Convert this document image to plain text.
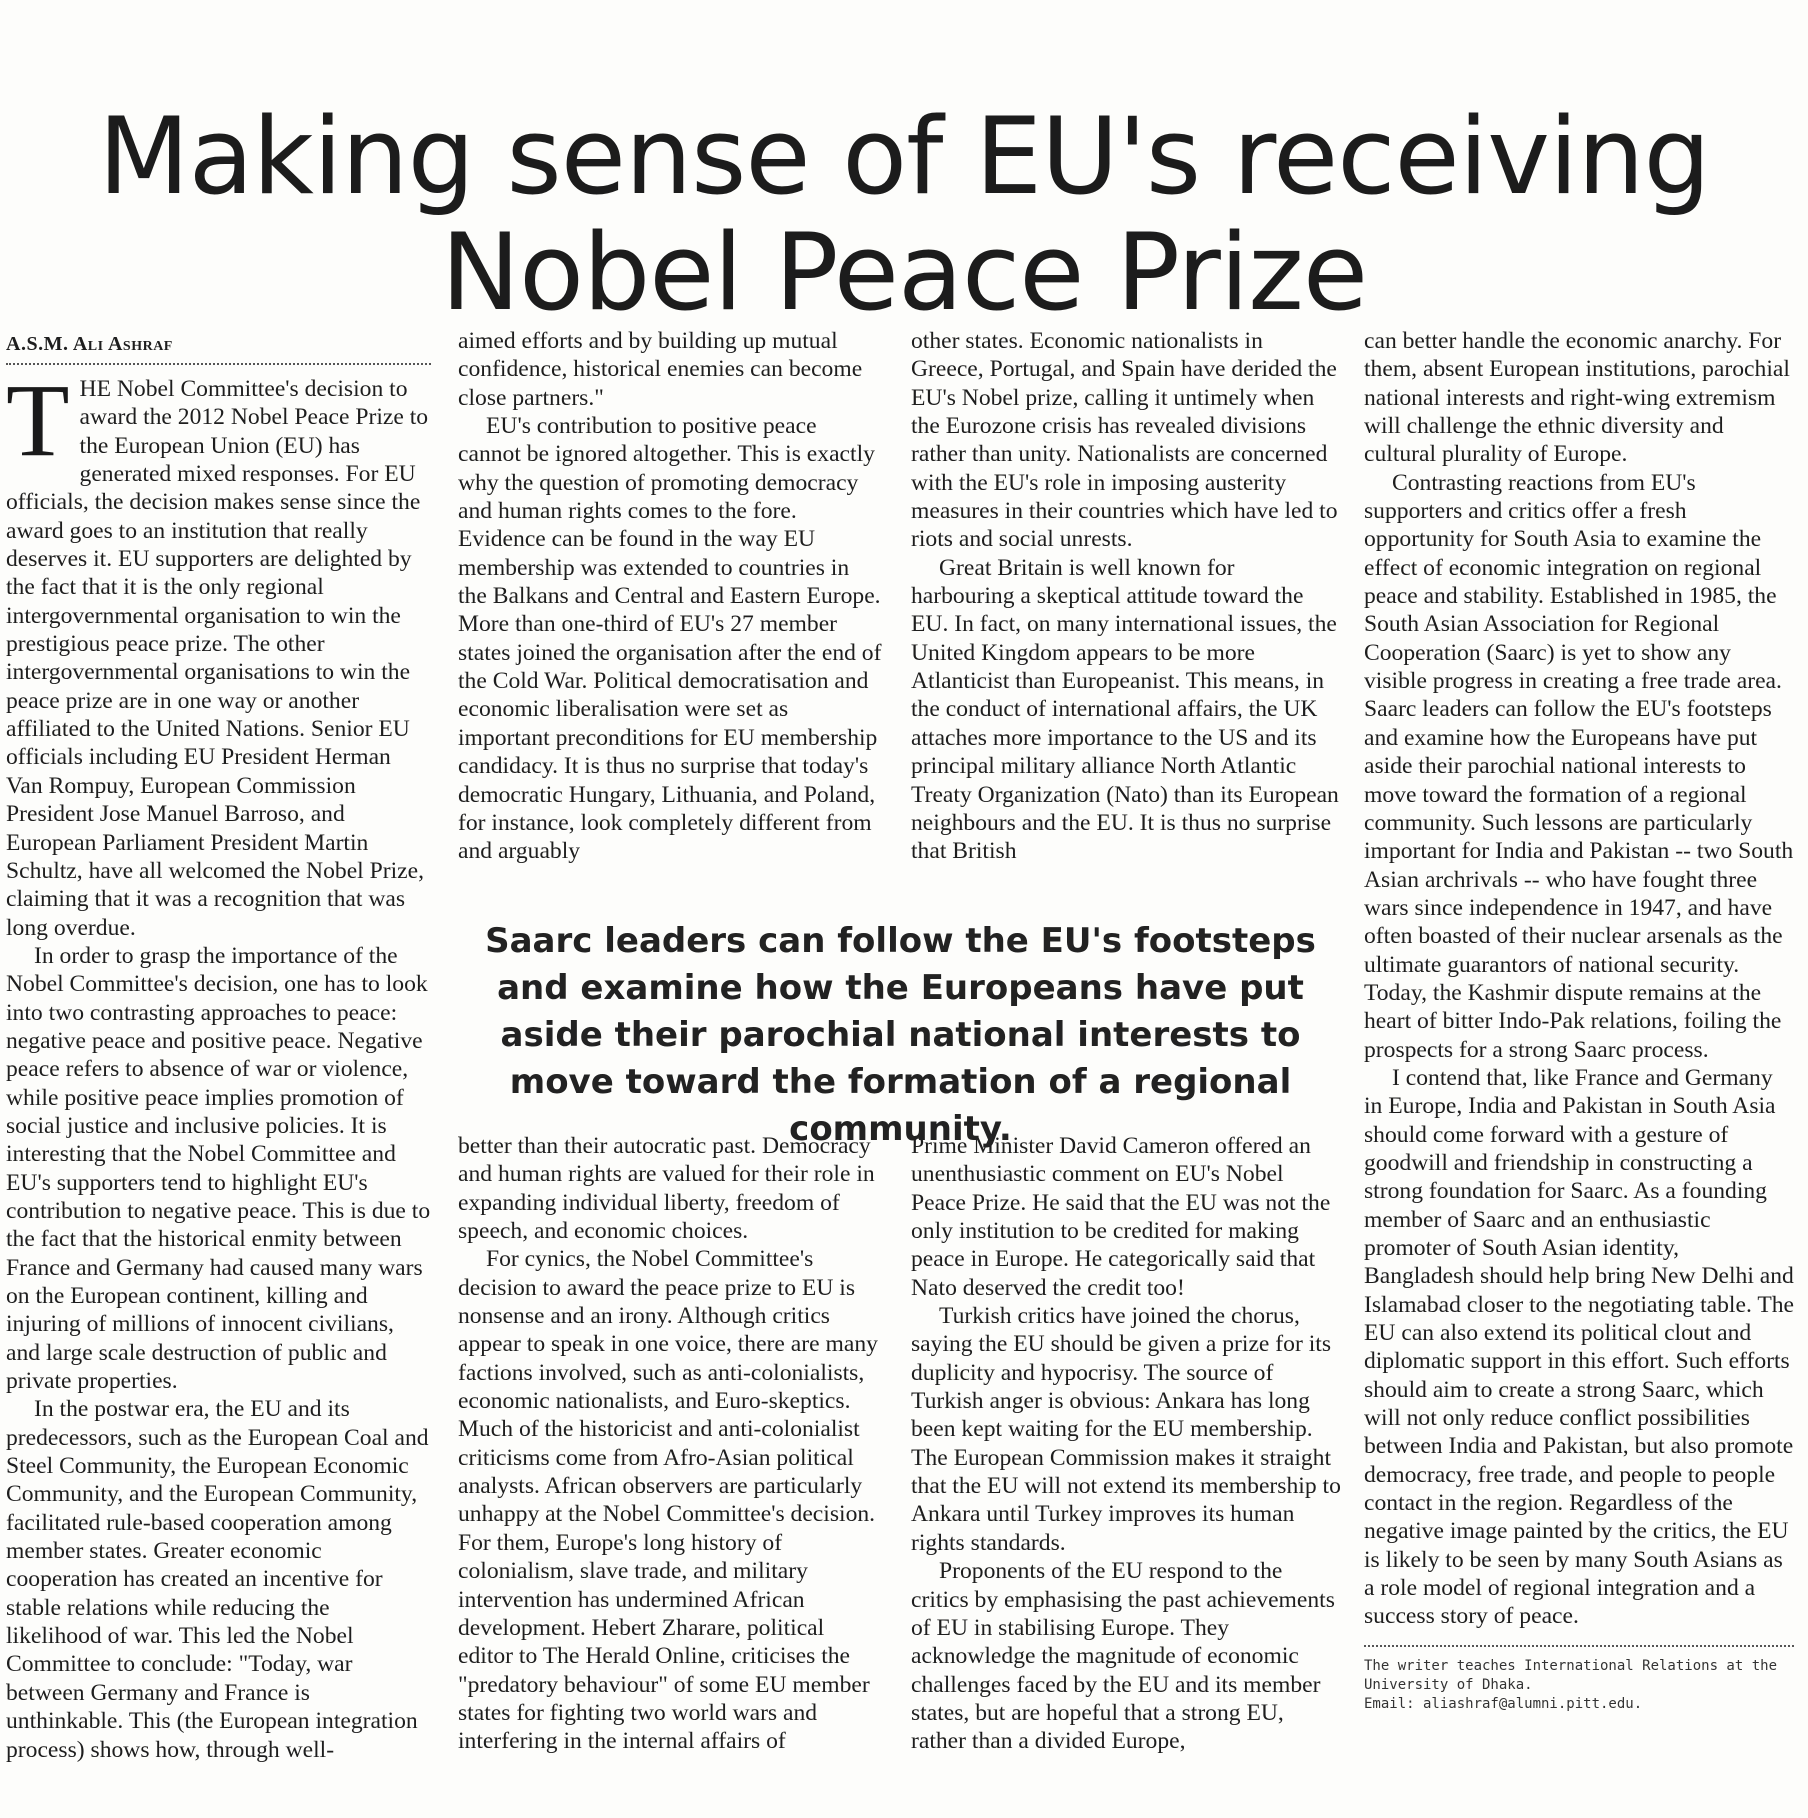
Making sense of EU's receiving
Nobel Peace Prize
A.S.M. Ali Ashraf

THE Nobel Committee's decision to award the 2012 Nobel Peace Prize to the European Union (EU) has generated mixed responses. For EU officials, the decision makes sense since the award goes to an institution that really deserves it. EU supporters are delighted by the fact that it is the only regional intergovernmental organisation to win the prestigious peace prize. The other intergovernmental organisations to win the peace prize are in one way or another affiliated to the United Nations. Senior EU officials including EU President Herman Van Rompuy, European Commission President Jose Manuel Barroso, and European Parliament President Martin Schultz, have all welcomed the Nobel Prize, claiming that it was a recognition that was long overdue.

In order to grasp the importance of the Nobel Committee's decision, one has to look into two contrasting approaches to peace: negative peace and positive peace. Negative peace refers to absence of war or violence, while positive peace implies promotion of social justice and inclusive policies. It is interesting that the Nobel Committee and EU's supporters tend to highlight EU's contribution to negative peace. This is due to the fact that the historical enmity between France and Germany had caused many wars on the European continent, killing and injuring of millions of innocent civilians, and large scale destruction of public and private properties.

In the postwar era, the EU and its predecessors, such as the European Coal and Steel Community, the European Economic Community, and the European Community, facilitated rule-based cooperation among member states. Greater economic cooperation has created an incentive for stable relations while reducing the likelihood of war. This led the Nobel Committee to conclude: "Today, war between Germany and France is unthinkable. This (the European integration process) shows how, through well-

aimed efforts and by building up mutual confidence, historical enemies can become close partners."

EU's contribution to positive peace cannot be ignored altogether. This is exactly why the question of promoting democracy and human rights comes to the fore. Evidence can be found in the way EU membership was extended to countries in the Balkans and Central and Eastern Europe. More than one-third of EU's 27 member states joined the organisation after the end of the Cold War. Political democratisation and economic liberalisation were set as important preconditions for EU membership candidacy. It is thus no surprise that today's democratic Hungary, Lithuania, and Poland, for instance, look completely different from and arguably

better than their autocratic past. Democracy and human rights are valued for their role in expanding individual liberty, freedom of speech, and economic choices.

For cynics, the Nobel Committee's decision to award the peace prize to EU is nonsense and an irony. Although critics appear to speak in one voice, there are many factions involved, such as anti-colonialists, economic nationalists, and Euro-skeptics. Much of the historicist and anti-colonialist criticisms come from Afro-Asian political analysts. African observers are particularly unhappy at the Nobel Committee's decision. For them, Europe's long history of colonialism, slave trade, and military intervention has undermined African development. Hebert Zharare, political editor to The Herald Online, criticises the "predatory behaviour" of some EU member states for fighting two world wars and interfering in the internal affairs of

other states. Economic nationalists in Greece, Portugal, and Spain have derided the EU's Nobel prize, calling it untimely when the Eurozone crisis has revealed divisions rather than unity. Nationalists are concerned with the EU's role in imposing austerity measures in their countries which have led to riots and social unrests.

Great Britain is well known for harbouring a skeptical attitude toward the EU. In fact, on many international issues, the United Kingdom appears to be more Atlanticist than Europeanist. This means, in the conduct of international affairs, the UK attaches more importance to the US and its principal military alliance North Atlantic Treaty Organization (Nato) than its European neighbours and the EU. It is thus no surprise that British

Prime Minister David Cameron offered an unenthusiastic comment on EU's Nobel Peace Prize. He said that the EU was not the only institution to be credited for making peace in Europe. He categorically said that Nato deserved the credit too!

Turkish critics have joined the chorus, saying the EU should be given a prize for its duplicity and hypocrisy. The source of Turkish anger is obvious: Ankara has long been kept waiting for the EU membership. The European Commission makes it straight that the EU will not extend its membership to Ankara until Turkey improves its human rights standards.

Proponents of the EU respond to the critics by emphasising the past achievements of EU in stabilising Europe. They acknowledge the magnitude of economic challenges faced by the EU and its member states, but are hopeful that a strong EU, rather than a divided Europe,

can better handle the economic anarchy. For them, absent European institutions, parochial national interests and right-wing extremism will challenge the ethnic diversity and cultural plurality of Europe.

Contrasting reactions from EU's supporters and critics offer a fresh opportunity for South Asia to examine the effect of economic integration on regional peace and stability. Established in 1985, the South Asian Association for Regional Cooperation (Saarc) is yet to show any visible progress in creating a free trade area. Saarc leaders can follow the EU's footsteps and examine how the Europeans have put aside their parochial national interests to move toward the formation of a regional community. Such lessons are particularly important for India and Pakistan -- two South Asian archrivals -- who have fought three wars since independence in 1947, and have often boasted of their nuclear arsenals as the ultimate guarantors of national security. Today, the Kashmir dispute remains at the heart of bitter Indo-Pak relations, foiling the prospects for a strong Saarc process.

I contend that, like France and Germany in Europe, India and Pakistan in South Asia should come forward with a gesture of goodwill and friendship in constructing a strong foundation for Saarc. As a founding member of Saarc and an enthusiastic promoter of South Asian identity, Bangladesh should help bring New Delhi and Islamabad closer to the negotiating table. The EU can also extend its political clout and diplomatic support in this effort. Such efforts should aim to create a strong Saarc, which will not only reduce conflict possibilities between India and Pakistan, but also promote democracy, free trade, and people to people contact in the region. Regardless of the negative image painted by the critics, the EU is likely to be seen by many South Asians as a role model of regional integration and a success story of peace.

The writer teaches International Relations at the
University of Dhaka.
Email: aliashraf@alumni.pitt.edu.
Saarc leaders can follow the EU's footsteps and examine how the Europeans have put aside their parochial national interests to move toward the formation of a regional community.
